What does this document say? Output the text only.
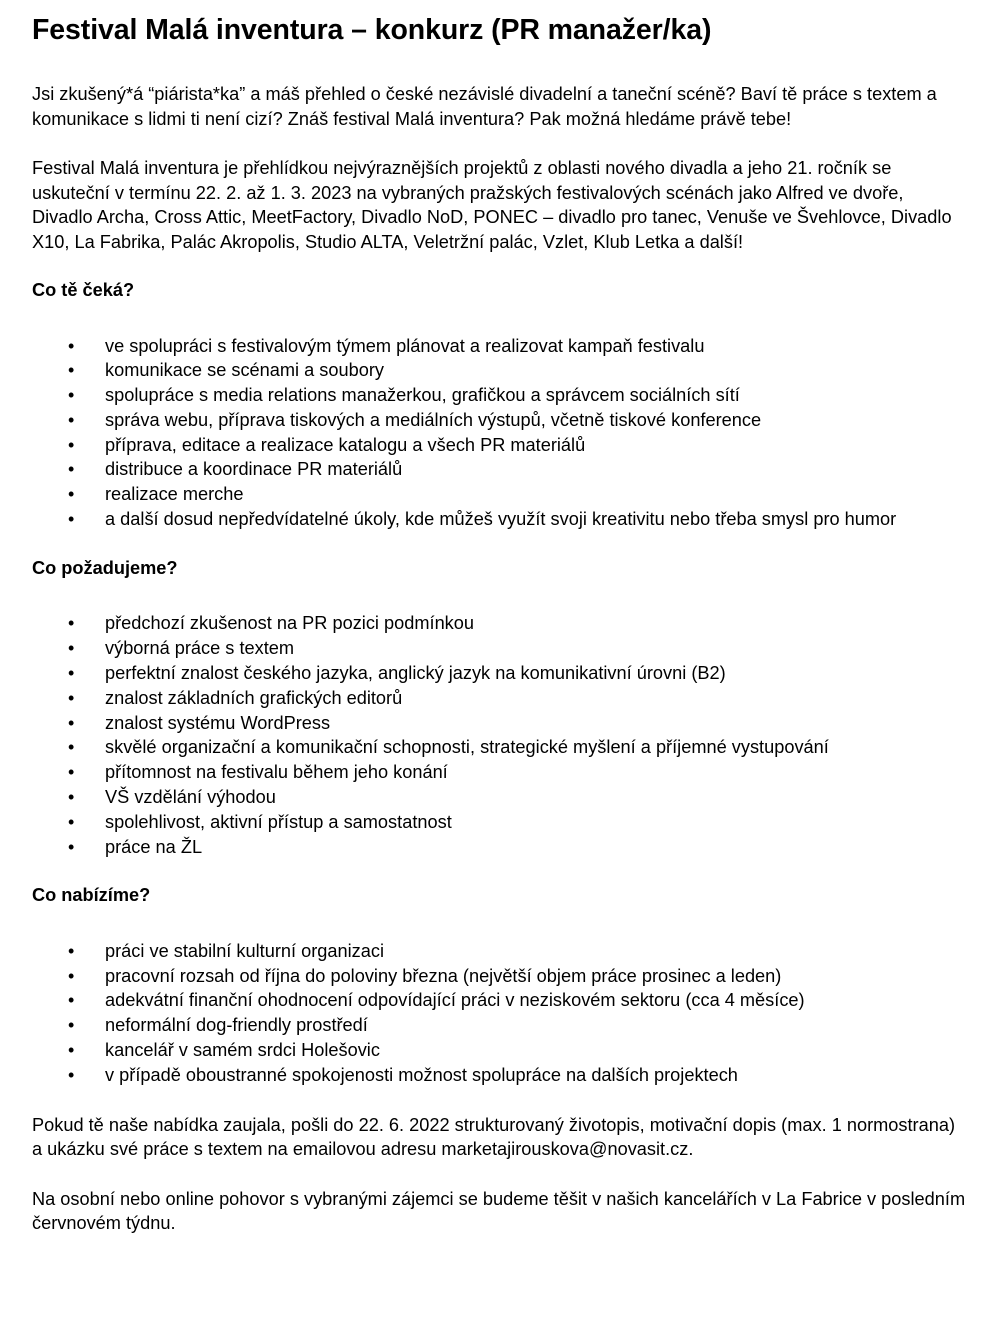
Festival Malá inventura – konkurz (PR manažer/ka)

Jsi zkušený*á “piárista*ka” a máš přehled o české nezávislé divadelní a taneční scéně? Baví tě práce s textem a komunikace s lidmi ti není cizí? Znáš festival Malá inventura? Pak možná hledáme právě tebe!

Festival Malá inventura je přehlídkou nejvýraznějších projektů z oblasti nového divadla a jeho 21. ročník se uskuteční v termínu 22. 2. až 1. 3. 2023 na vybraných pražských festivalových scénách jako Alfred ve dvoře, Divadlo Archa, Cross Attic, MeetFactory, Divadlo NoD, PONEC – divadlo pro tanec, Venuše ve Švehlovce, Divadlo X10, La Fabrika, Palác Akropolis, Studio ALTA, Veletržní palác, Vzlet, Klub Letka a další!

Co tě čeká?

• ve spolupráci s festivalovým týmem plánovat a realizovat kampaň festivalu
• komunikace se scénami a soubory
• spolupráce s media relations manažerkou, grafičkou a správcem sociálních sítí
• správa webu, příprava tiskových a mediálních výstupů, včetně tiskové konference
• příprava, editace a realizace katalogu a všech PR materiálů
• distribuce a koordinace PR materiálů
• realizace merche
• a další dosud nepředvídatelné úkoly, kde můžeš využít svoji kreativitu nebo třeba smysl pro humor

Co požadujeme?

• předchozí zkušenost na PR pozici podmínkou
• výborná práce s textem
• perfektní znalost českého jazyka, anglický jazyk na komunikativní úrovni (B2)
• znalost základních grafických editorů
• znalost systému WordPress
• skvělé organizační a komunikační schopnosti, strategické myšlení a příjemné vystupování
• přítomnost na festivalu během jeho konání
• VŠ vzdělání výhodou
• spolehlivost, aktivní přístup a samostatnost
• práce na ŽL

Co nabízíme?

• práci ve stabilní kulturní organizaci
• pracovní rozsah od října do poloviny března (největší objem práce prosinec a leden)
• adekvátní finanční ohodnocení odpovídající práci v neziskovém sektoru (cca 4 měsíce)
• neformální dog-friendly prostředí
• kancelář v samém srdci Holešovic
• v případě oboustranné spokojenosti možnost spolupráce na dalších projektech

Pokud tě naše nabídka zaujala, pošli do 22. 6. 2022 strukturovaný životopis, motivační dopis (max. 1 normostrana) a ukázku své práce s textem na emailovou adresu marketajirouskova@novasit.cz.

Na osobní nebo online pohovor s vybranými zájemci se budeme těšit v našich kancelářích v La Fabrice v posledním červnovém týdnu.
